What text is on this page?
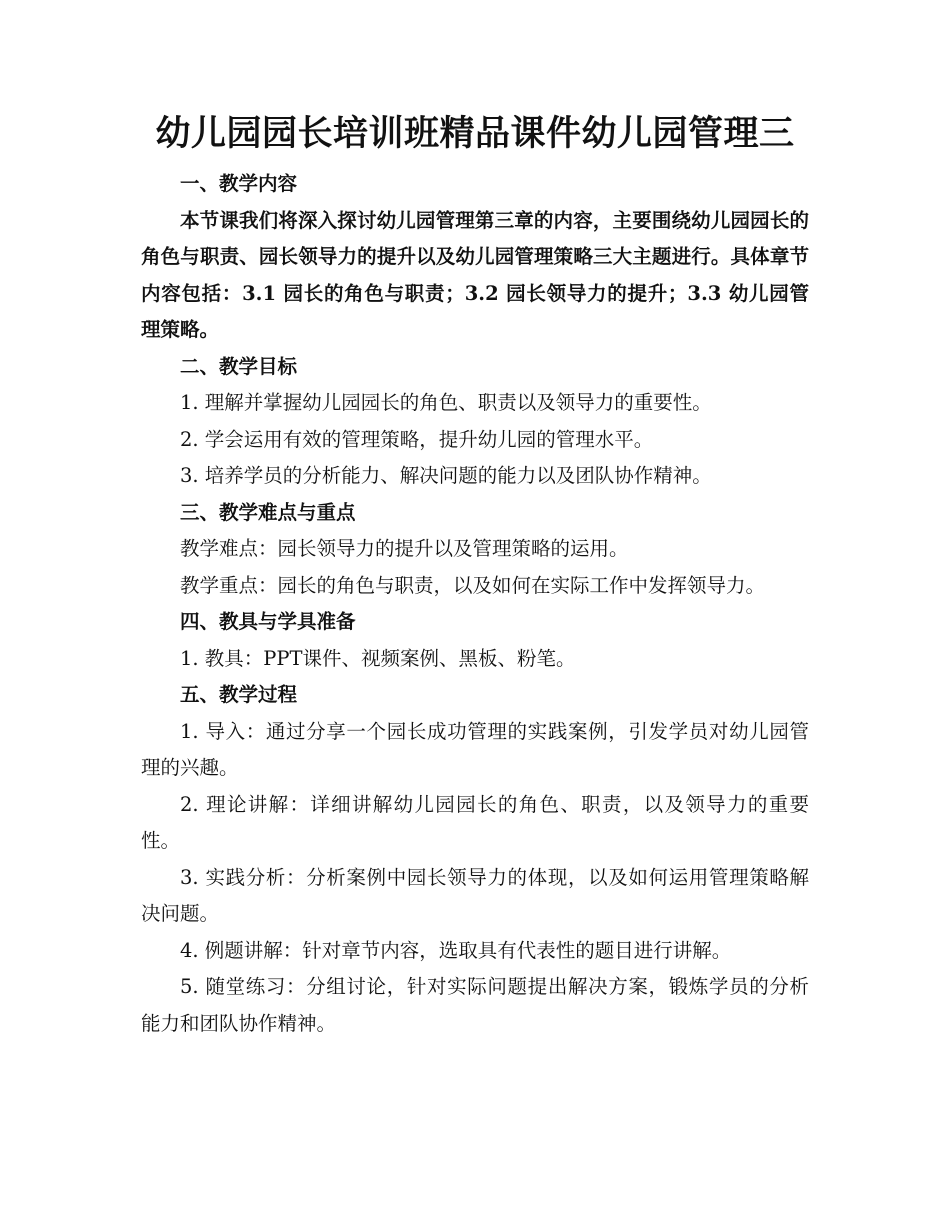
幼儿园园长培训班精品课件幼儿园管理三

一、教学内容

本节课我们将深入探讨幼儿园管理第三章的内容，主要围绕幼儿园园长的角色与职责、园长领导力的提升以及幼儿园管理策略三大主题进行。具体章节内容包括：3.1 园长的角色与职责；3.2 园长领导力的提升；3.3 幼儿园管理策略。

二、教学目标

1. 理解并掌握幼儿园园长的角色、职责以及领导力的重要性。

2. 学会运用有效的管理策略，提升幼儿园的管理水平。

3. 培养学员的分析能力、解决问题的能力以及团队协作精神。

三、教学难点与重点

教学难点：园长领导力的提升以及管理策略的运用。

教学重点：园长的角色与职责，以及如何在实际工作中发挥领导力。

四、教具与学具准备

1. 教具：PPT课件、视频案例、黑板、粉笔。

五、教学过程

1. 导入：通过分享一个园长成功管理的实践案例，引发学员对幼儿园管理的兴趣。

2. 理论讲解：详细讲解幼儿园园长的角色、职责，以及领导力的重要性。

3. 实践分析：分析案例中园长领导力的体现，以及如何运用管理策略解决问题。

4. 例题讲解：针对章节内容，选取具有代表性的题目进行讲解。

5. 随堂练习：分组讨论，针对实际问题提出解决方案，锻炼学员的分析能力和团队协作精神。
